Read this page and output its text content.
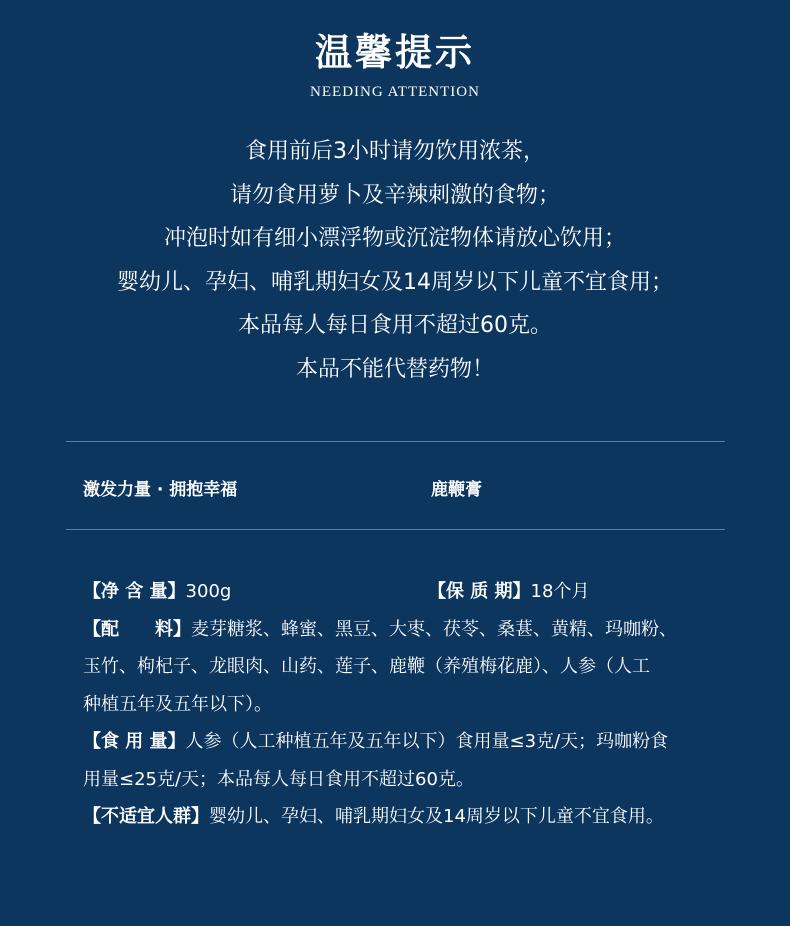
温馨提示
NEEDING ATTENTION
食用前后3小时请勿饮用浓茶，
请勿食用萝卜及辛辣刺激的食物；
冲泡时如有细小漂浮物或沉淀物体请放心饮用；
婴幼儿、孕妇、哺乳期妇女及14周岁以下儿童不宜食用；
本品每人每日食用不超过60克。
本品不能代替药物！
激发力量 · 拥抱幸福	鹿鞭膏
【净 含 量】300g	【保 质 期】18个月
【配　　料】麦芽糖浆、蜂蜜、黑豆、大枣、茯苓、桑葚、黄精、玛咖粉、
玉竹、枸杞子、龙眼肉、山药、莲子、鹿鞭（养殖梅花鹿）、人参（人工
种植五年及五年以下）。
【食 用 量】人参（人工种植五年及五年以下）食用量≤3克/天；玛咖粉食
用量≤25克/天；本品每人每日食用不超过60克。
【不适宜人群】婴幼儿、孕妇、哺乳期妇女及14周岁以下儿童不宜食用。
